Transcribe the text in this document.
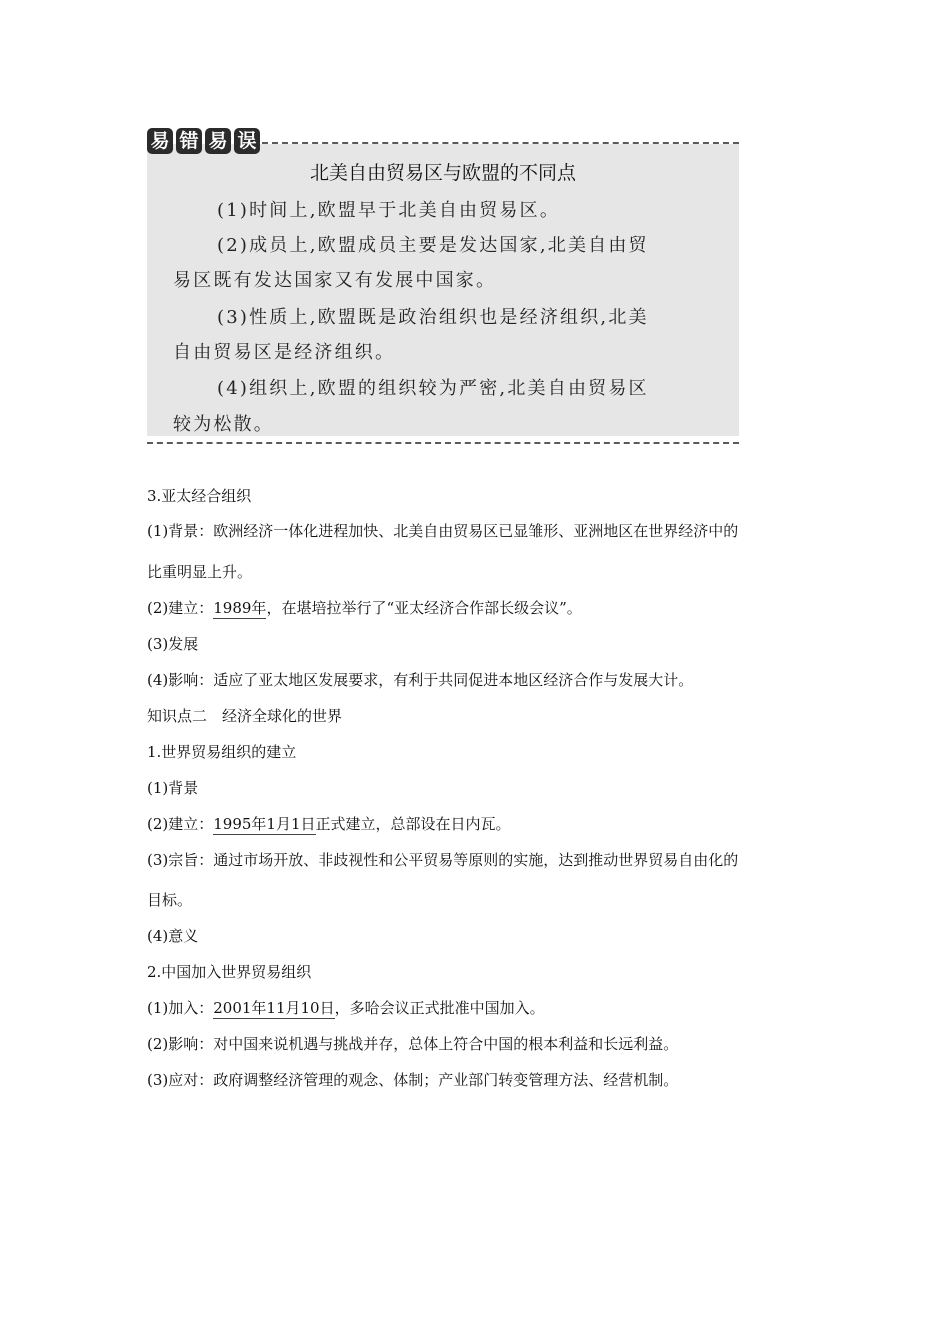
易 错 易 误
北美自由贸易区与欧盟的不同点
(1)时间上,欧盟早于北美自由贸易区。
(2)成员上,欧盟成员主要是发达国家,北美自由贸
易区既有发达国家又有发展中国家。
(3)性质上,欧盟既是政治组织也是经济组织,北美
自由贸易区是经济组织。
(4)组织上,欧盟的组织较为严密,北美自由贸易区
较为松散。
3.亚太经合组织
(1)背景：欧洲经济一体化进程加快、北美自由贸易区已显雏形、亚洲地区在世界经济中的
比重明显上升。
(2)建立：1989年，在堪培拉举行了“亚太经济合作部长级会议”。
(3)发展
(4)影响：适应了亚太地区发展要求，有利于共同促进本地区经济合作与发展大计。
知识点二　经济全球化的世界
1.世界贸易组织的建立
(1)背景
(2)建立：1995年1月1日正式建立，总部设在日内瓦。
(3)宗旨：通过市场开放、非歧视性和公平贸易等原则的实施，达到推动世界贸易自由化的
目标。
(4)意义
2.中国加入世界贸易组织
(1)加入：2001年11月10日，多哈会议正式批准中国加入。
(2)影响：对中国来说机遇与挑战并存，总体上符合中国的根本利益和长远利益。
(3)应对：政府调整经济管理的观念、体制；产业部门转变管理方法、经营机制。
